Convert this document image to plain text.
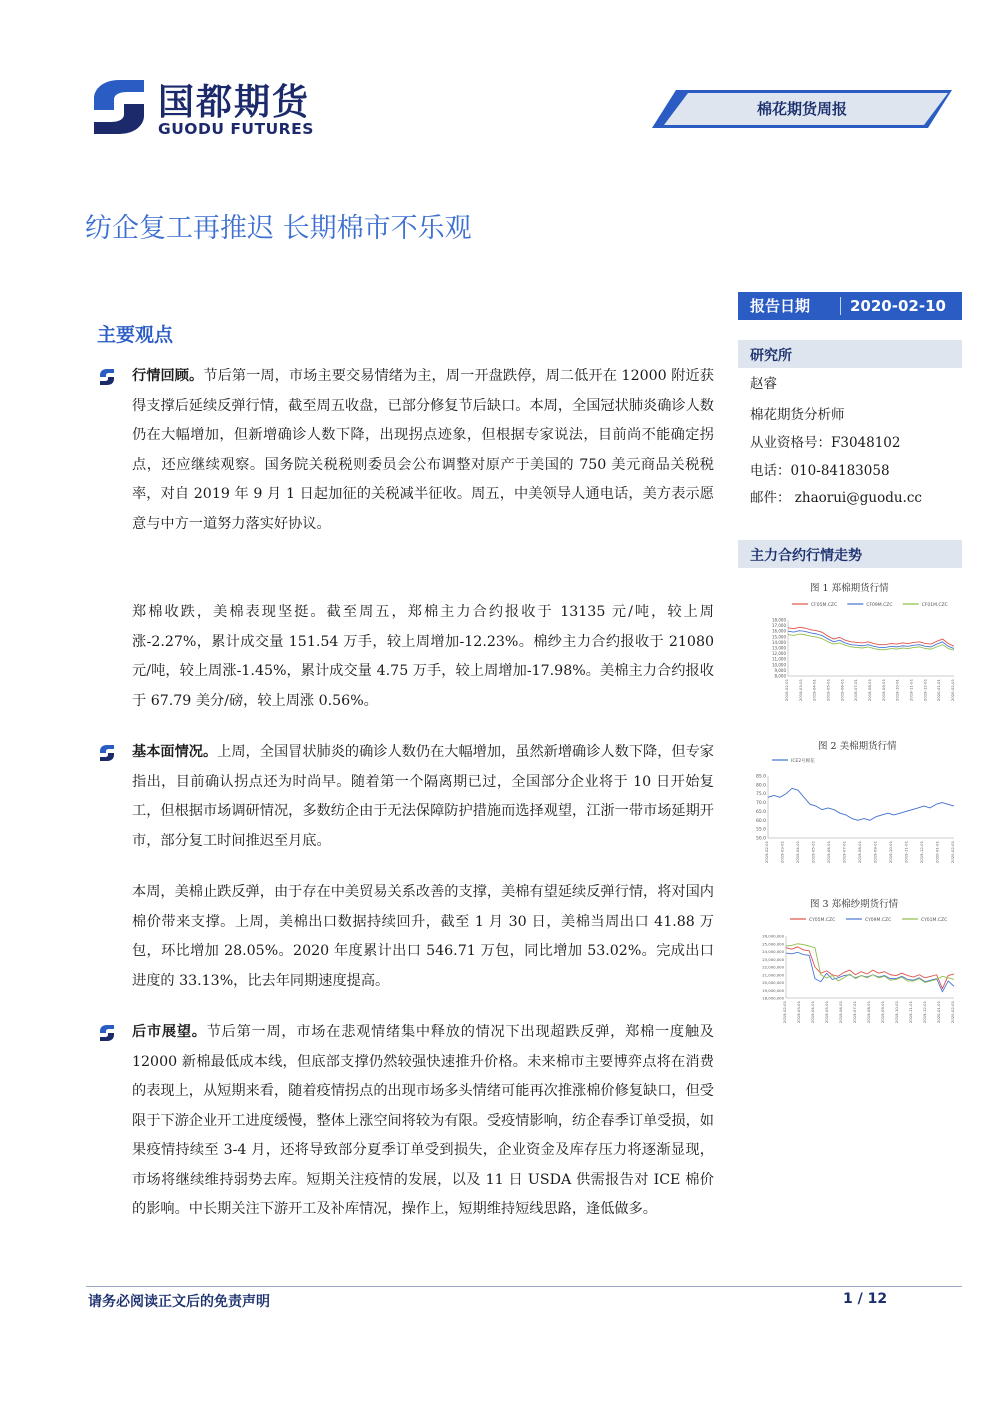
国都期货
GUODU FUTURES
棉花期货周报
纺企复工再推迟 长期棉市不乐观
报告日期	2020-02-10
研究所
赵睿
棉花期货分析师
从业资格号：F3048102
电话：010-84183058
邮件： zhaorui@guodu.cc
主力合约行情走势
图 1 郑棉期货行情
CF05M.CZC	CF09M.CZC	CF01M.CZC
18,000
17,000
16,000
15,000
14,000
13,000
12,000
11,000
10,000
9,000
8,000
2019-02-01 2019-03-01 2019-04-01 2019-05-01 2019-06-01 2019-07-01 2019-08-01 2019-09-01 2019-10-01 2019-11-01 2019-12-01 2020-01-01 2020-02-01
图 2 美棉期货行情
ICE2号棉花
85.0
80.0
75.0
70.0
65.0
60.0
55.0
50.0
2019-02-01	2019-03-01	2019-04-01	2019-05-01	2019-06-01	2019-07-01	2019-08-01	2019-09-01	2019-10-01	2019-11-01	2019-12-01	2020-01-01	2020-02-01
图 3 郑棉纱期货行情
CY05M.CZC	CY09M.CZC	CY01M.CZC
26,000,000
25,000,000
24,000,000
23,000,000
22,000,000
21,000,000
20,000,000
19,000,000
18,000,000
2019-02-01 2019-03-01 2019-04-01 2019-05-01 2019-06-01 2019-07-01 2019-08-01 2019-09-01 2019-10-01 2019-11-01 2019-12-01 2020-01-01 2020-02-01
主要观点

行情回顾。节后第一周，市场主要交易情绪为主，周一开盘跌停，周二低开在 12000 附近获得支撑后延续反弹行情，截至周五收盘，已部分修复节后缺口。本周，全国冠状肺炎确诊人数仍在大幅增加，但新增确诊人数下降，出现拐点迹象，但根据专家说法，目前尚不能确定拐点，还应继续观察。国务院关税税则委员会公布调整对原产于美国的 750 美元商品关税税率，对自 2019 年 9 月 1 日起加征的关税减半征收。周五，中美领导人通电话，美方表示愿意与中方一道努力落实好协议。

郑棉收跌，美棉表现坚挺。截至周五，郑棉主力合约报收于 13135 元/吨，较上周涨-2.27%，累计成交量 151.54 万手，较上周增加-12.23%。棉纱主力合约报收于 21080 元/吨，较上周涨-1.45%，累计成交量 4.75 万手，较上周增加-17.98%。美棉主力合约报收于 67.79 美分/磅，较上周涨 0.56%。

基本面情况。上周，全国冒状肺炎的确诊人数仍在大幅增加，虽然新增确诊人数下降，但专家指出，目前确认拐点还为时尚早。随着第一个隔离期已过，全国部分企业将于 10 日开始复工，但根据市场调研情况，多数纺企由于无法保障防护措施而选择观望，江浙一带市场延期开市，部分复工时间推迟至月底。

本周，美棉止跌反弹，由于存在中美贸易关系改善的支撑，美棉有望延续反弹行情，将对国内棉价带来支撑。上周，美棉出口数据持续回升，截至 1 月 30 日，美棉当周出口 41.88 万包，环比增加 28.05%。2020 年度累计出口 546.71 万包，同比增加 53.02%。完成出口进度的 33.13%，比去年同期速度提高。

后市展望。节后第一周，市场在悲观情绪集中释放的情况下出现超跌反弹，郑棉一度触及 12000 新棉最低成本线，但底部支撑仍然较强快速推升价格。未来棉市主要博弈点将在消费的表现上，从短期来看，随着疫情拐点的出现市场多头情绪可能再次推涨棉价修复缺口，但受限于下游企业开工进度缓慢，整体上涨空间将较为有限。受疫情影响，纺企春季订单受损，如果疫情持续至 3-4 月，还将导致部分夏季订单受到损失，企业资金及库存压力将逐渐显现，市场将继续维持弱势去库。短期关注疫情的发展，以及 11 日 USDA 供需报告对 ICE 棉价的影响。中长期关注下游开工及补库情况，操作上，短期维持短线思路，逢低做多。

请务必阅读正文后的免责声明	1 / 12
